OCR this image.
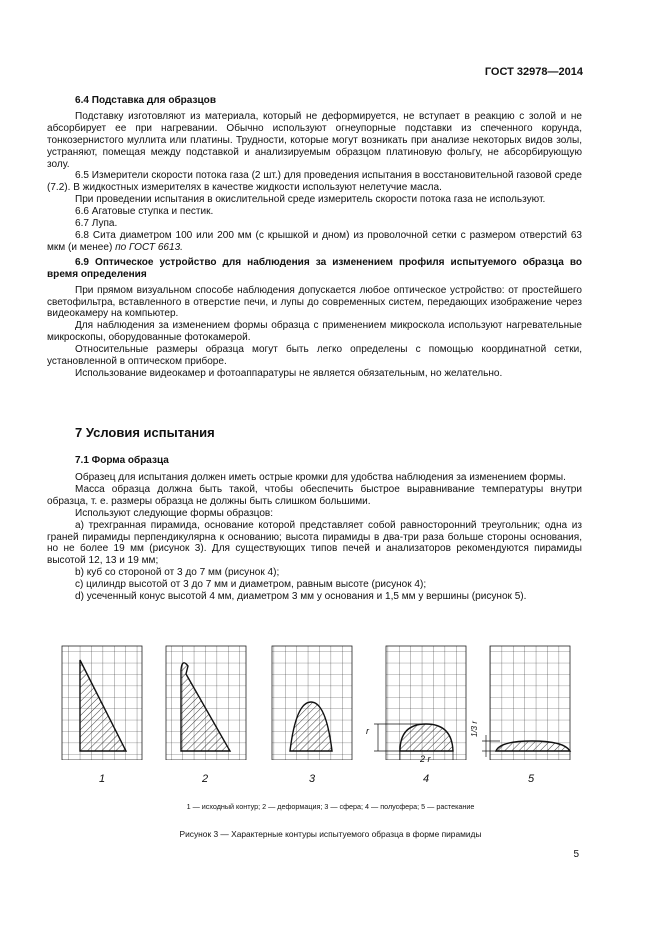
ГОСТ 32978—2014

6.4 Подставка для образцов

Подставку изготовляют из материала, который не деформируется, не вступает в реакцию с золой и не абсорбирует ее при нагревании. Обычно используют огнеупорные подставки из спеченного корунда, тонкозернистого муллита или платины. Трудности, которые могут возникать при анализе некоторых видов золы, устраняют, помещая между подставкой и анализируемым образцом платиновую фольгу, не абсорбирующую золу.

6.5 Измерители скорости потока газа (2 шт.) для проведения испытания в восстановительной газовой среде (7.2). В жидкостных измерителях в качестве жидкости используют нелетучие масла.

При проведении испытания в окислительной среде измеритель скорости потока газа не используют.

6.6 Агатовые ступка и пестик.

6.7 Лупа.

6.8 Сита диаметром 100 или 200 мм (с крышкой и дном) из проволочной сетки с размером отверстий 63 мкм (и менее) по ГОСТ 6613.

6.9 Оптическое устройство для наблюдения за изменением профиля испытуемого образца во время определения

При прямом визуальном способе наблюдения допускается любое оптическое устройство: от простейшего светофильтра, вставленного в отверстие печи, и лупы до современных систем, передающих изображение через видеокамеру на компьютер.

Для наблюдения за изменением формы образца с применением микроскола используют нагревательные микроскопы, оборудованные фотокамерой.

Относительные размеры образца могут быть легко определены с помощью координатной сетки, установленной в оптическом приборе.

Использование видеокамер и фотоаппаратуры не является обязательным, но желательно.

7 Условия испытания
7.1 Форма образца

Образец для испытания должен иметь острые кромки для удобства наблюдения за изменением формы.

Масса образца должна быть такой, чтобы обеспечить быстрое выравнивание температуры внутри образца, т. е. размеры образца не должны быть слишком большими.

Используют следующие формы образцов:

а) трехгранная пирамида, основание которой представляет собой равносторонний треугольник; одна из граней пирамиды перпендикулярна к основанию; высота пирамиды в два-три раза больше стороны основания, но не более 19 мм (рисунок 3). Для существующих типов печей и анализаторов рекомендуются пирамиды высотой 12, 13 и 19 мм;

b) куб со стороной от 3 до 7 мм (рисунок 4);

c) цилиндр высотой от 3 до 7 мм и диаметром, равным высоте (рисунок 4);

d) усеченный конус высотой 4 мм, диаметром 3 мм у основания и 1,5 мм у вершины (рисунок 5).

r
2 r
1/3 r
1	2	3	4	5
1 — исходный контур; 2 — деформация; 3 — сфера; 4 — полусфера; 5 — растекание
Рисунок 3 — Характерные контуры испытуемого образца в форме пирамиды
5
